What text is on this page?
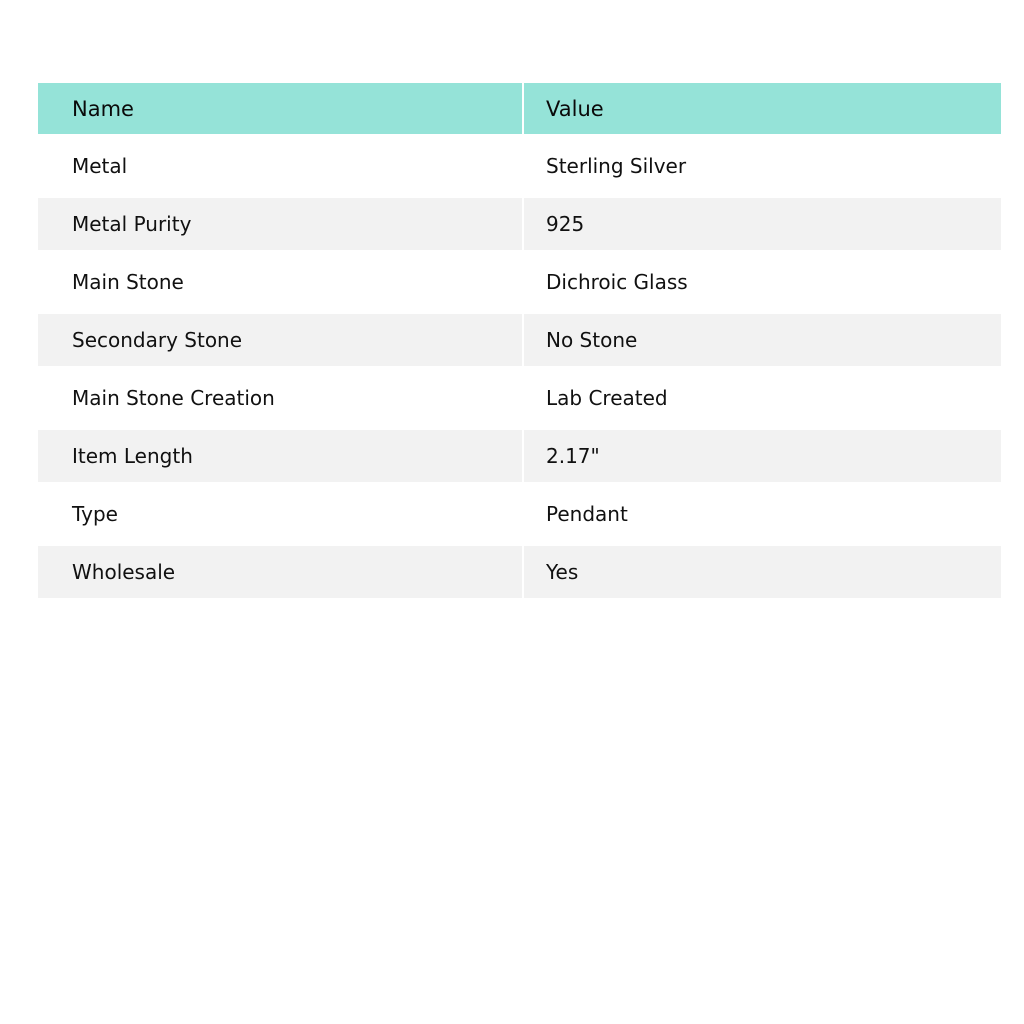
Name	Value
Metal	Sterling Silver
Metal Purity	925
Main Stone	Dichroic Glass
Secondary Stone	No Stone
Main Stone Creation	Lab Created
Item Length	2.17"
Type	Pendant
Wholesale	Yes
